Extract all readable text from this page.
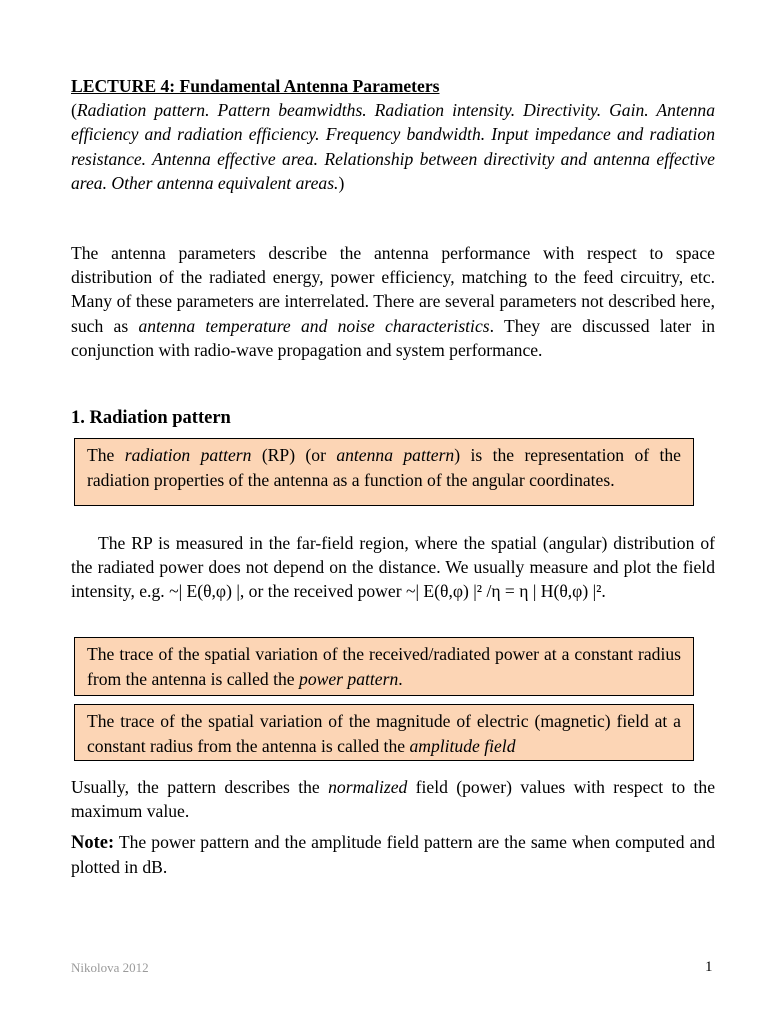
LECTURE 4: Fundamental Antenna Parameters
(Radiation pattern. Pattern beamwidths. Radiation intensity. Directivity. Gain. Antenna efficiency and radiation efficiency. Frequency bandwidth. Input impedance and radiation resistance. Antenna effective area. Relationship between directivity and antenna effective area. Other antenna equivalent areas.)

The antenna parameters describe the antenna performance with respect to space distribution of the radiated energy, power efficiency, matching to the feed circuitry, etc. Many of these parameters are interrelated. There are several parameters not described here, such as antenna temperature and noise characteristics. They are discussed later in conjunction with radio-wave propagation and system performance.

1. Radiation pattern

The radiation pattern (RP) (or antenna pattern) is the representation of the radiation properties of the antenna as a function of the angular coordinates.

The RP is measured in the far-field region, where the spatial (angular) distribution of the radiated power does not depend on the distance. We usually measure and plot the field intensity, e.g. ~| E(θ,φ) |, or the received power ~| E(θ,φ) |² /η = η | H(θ,φ) |².

The trace of the spatial variation of the received/radiated power at a constant radius from the antenna is called the power pattern.

The trace of the spatial variation of the magnitude of electric (magnetic) field at a constant radius from the antenna is called the amplitude field

Usually, the pattern describes the normalized field (power) values with respect to the maximum value.

Note: The power pattern and the amplitude field pattern are the same when computed and plotted in dB.

Nikolova 2012	1
